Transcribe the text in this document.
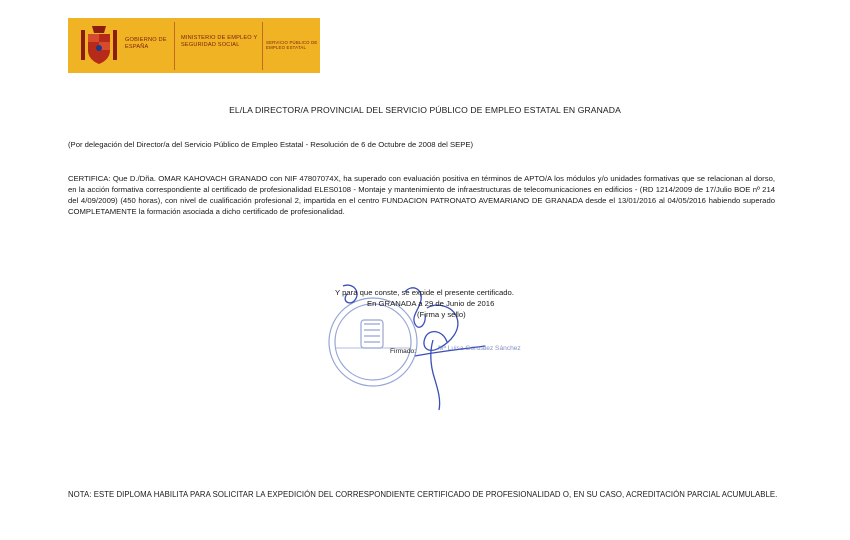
GOBIERNO DE ESPAÑA
MINISTERIO DE EMPLEO Y SEGURIDAD SOCIAL	SERVICIO PÚBLICO DE EMPLEO ESTATAL
EL/LA DIRECTOR/A PROVINCIAL DEL SERVICIO PÚBLICO DE EMPLEO ESTATAL EN GRANADA
(Por delegación del Director/a del Servicio Público de Empleo Estatal - Resolución de 6 de Octubre de 2008 del SEPE)
CERTIFICA: Que D./Dña. OMAR KAHOVACH GRANADO con NIF 47807074X, ha superado con evaluación positiva en términos de APTO/A los módulos y/o unidades formativas que se relacionan al dorso, en la acción formativa correspondiente al certificado de profesionalidad ELES0108 - Montaje y mantenimiento de infraestructuras de telecomunicaciones en edificios - (RD 1214/2009 de 17/Julio BOE nº 214 del 4/09/2009) (450 horas), con nivel de cualificación profesional 2, impartida en el centro FUNDACION PATRONATO AVEMARIANO DE GRANADA desde el 13/01/2016 al 04/05/2016 habiendo superado COMPLETAMENTE la formación asociada a dicho certificado de profesionalidad.
Y para que conste, se expide el presente certificado.
En GRANADA a 29 de Junio de 2016
(Firma y sello)
Firmado:	Mª Luisa González Sánchez
NOTA: ESTE DIPLOMA HABILITA PARA SOLICITAR LA EXPEDICIÓN DEL CORRESPONDIENTE CERTIFICADO DE PROFESIONALIDAD O, EN SU CASO, ACREDITACIÓN PARCIAL ACUMULABLE.
